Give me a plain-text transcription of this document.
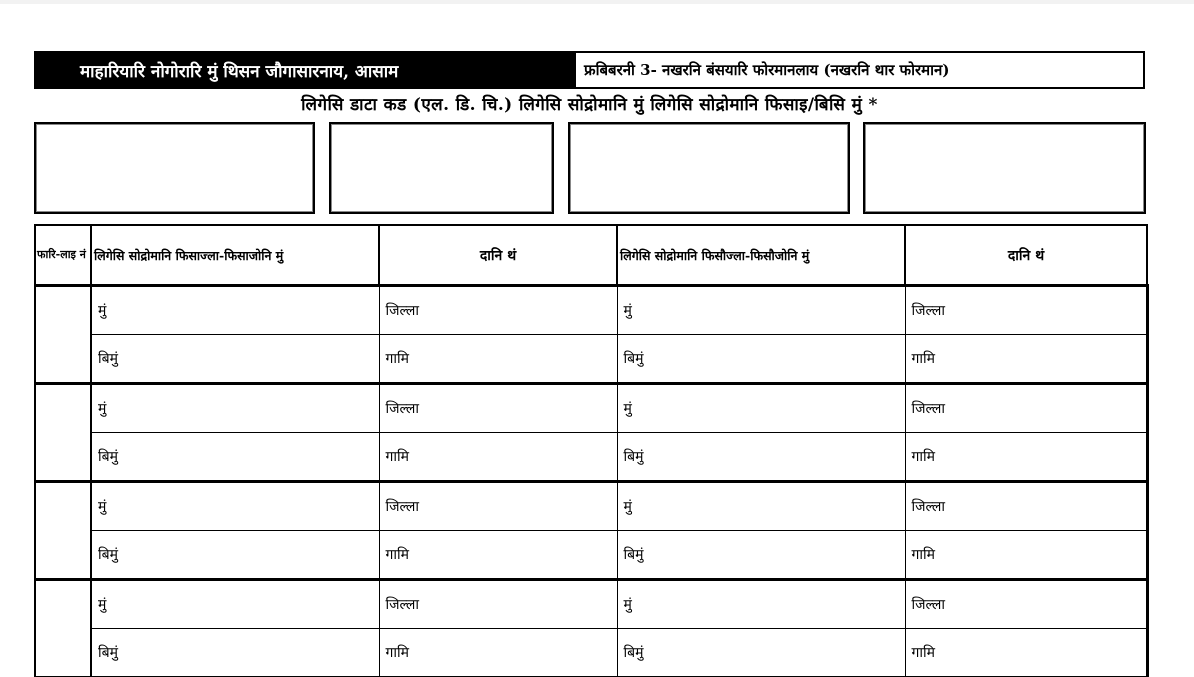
माहारियारि नोगोरारि मुं थिसन जौगासारनाय, आसाम	फ्रबिबरनी 3- नखरनि बंसयारि फोरमानलाय (नखरनि थार फोरमान)
लिगेसि डाटा कड (एल. डि. चि.) लिगेसि सोद्रोमानि मुं लिगेसि सोद्रोमानि फिसाइ/बिसि मुं *
फारि-लाइ नं	लिगेसि सोद्रोमानि फिसाज्ला-फिसाजोनि मुं	दानि थं	लिगेसि सोद्रोमानि फिसौज्ला-फिसौजोनि मुं	दानि थं
	मुं	जिल्ला	मुं	जिल्ला
	बिमुं	गामि	बिमुं	गामि
	मुं	जिल्ला	मुं	जिल्ला
	बिमुं	गामि	बिमुं	गामि
	मुं	जिल्ला	मुं	जिल्ला
	बिमुं	गामि	बिमुं	गामि
	मुं	जिल्ला	मुं	जिल्ला
	बिमुं	गामि	बिमुं	गामि
